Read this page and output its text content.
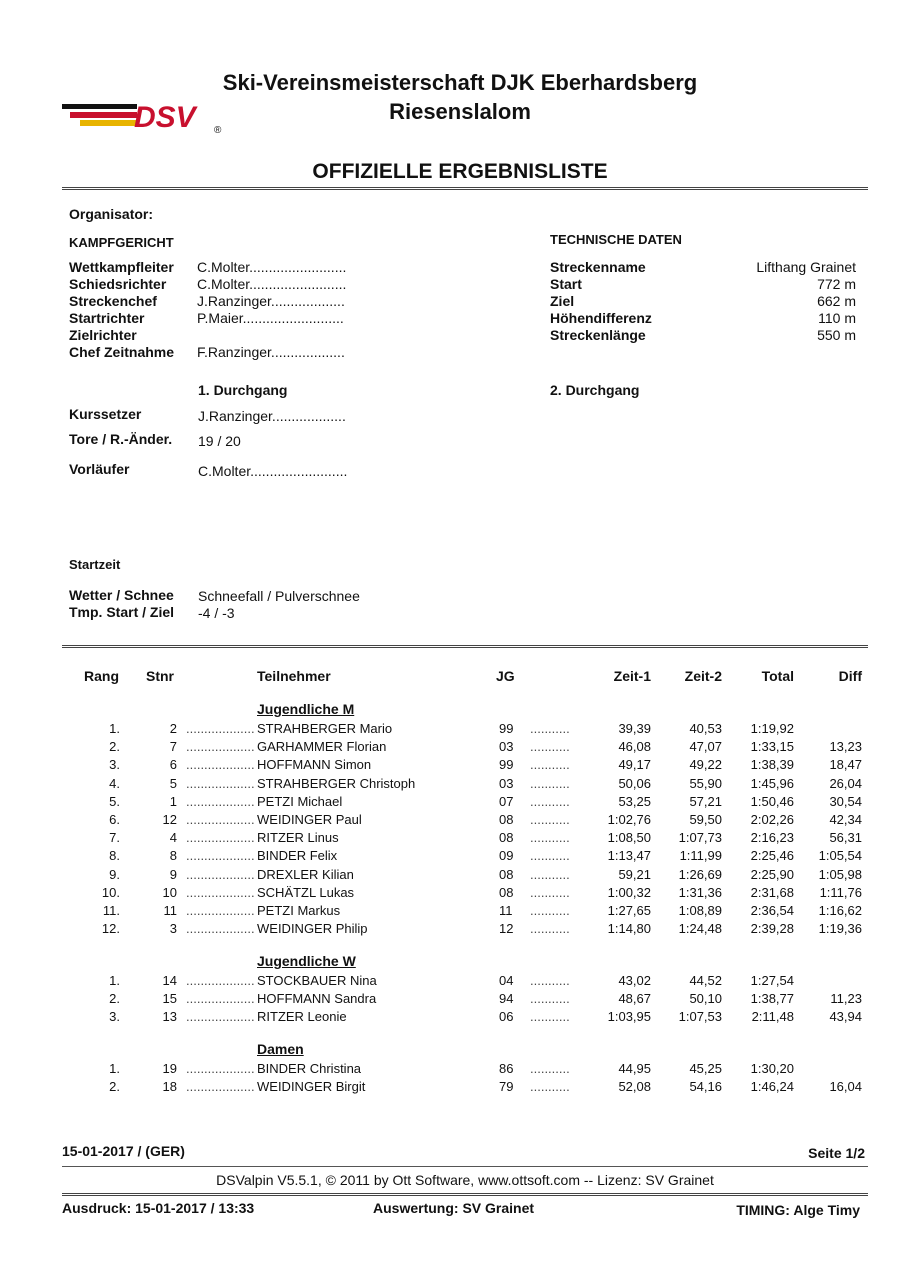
Ski-Vereinsmeisterschaft DJK Eberhardsberg
Riesenslalom
DSV ®
OFFIZIELLE ERGEBNISLISTE
Organisator:
KAMPFGERICHT
Wettkampfleiter C.Molter.........................
Schiedsrichter C.Molter.........................
Streckenchef	J.Ranzinger...................
Startrichter	P.Maier..........................
Zielrichter
Chef Zeitnahme F.Ranzinger...................
TECHNISCHE DATEN
Streckenname	Lifthang Grainet
Start	772 m
Ziel	662 m
Höhendifferenz	110 m
Streckenlänge	550 m
1. Durchgang	2. Durchgang
Kurssetzer	J.Ranzinger...................
Tore / R.-Änder. 19 / 20
Vorläufer	C.Molter.........................
Startzeit
Wetter / Schnee Schneefall / Pulverschnee
Tmp. Start / Ziel -4 / -3
Rang Stnr	Teilnehmer	JG	Zeit-1 Zeit-2	Total	Diff
Jugendliche M
1.	2 ................... STRAHBERGER Mario	99 ...........	39,39	40,53 1:19,92
2.	7 ................... GARHAMMER Florian	03 ...........	46,08	47,07 1:33,15	13,23
3.	6 ................... HOFFMANN Simon	99 ...........	49,17	49,22 1:38,39	18,47
4.	5 ................... STRAHBERGER Christoph	03 ...........	50,06	55,90 1:45,96	26,04
5.	1 ................... PETZI Michael	07 ...........	53,25	57,21 1:50,46	30,54
6.	12 ................... WEIDINGER Paul	08 ...........	1:02,76	59,50 2:02,26	42,34
7.	4 ................... RITZER Linus	08 ...........	1:08,50 1:07,73 2:16,23	56,31
8.	8 ................... BINDER Felix	09 ...........	1:13,47 1:11,99 2:25,46 1:05,54
9.	9 ................... DREXLER Kilian	08 ...........	59,21 1:26,69 2:25,90 1:05,98
10.	10 ................... SCHÄTZL Lukas	08 ...........	1:00,32 1:31,36 2:31,68 1:11,76
11.	11 ................... PETZI Markus	11 ...........	1:27,65 1:08,89 2:36,54 1:16,62
12.	3 ................... WEIDINGER Philip	12 ...........	1:14,80 1:24,48 2:39,28 1:19,36
Jugendliche W
1.	14 ................... STOCKBAUER Nina	04 ...........	43,02	44,52 1:27,54
2.	15 ................... HOFFMANN Sandra	94 ...........	48,67	50,10 1:38,77	11,23
3.	13 ................... RITZER Leonie	06 ...........	1:03,95 1:07,53 2:11,48	43,94
Damen
1.	19 ................... BINDER Christina	86 ...........	44,95	45,25 1:30,20
2.	18 ................... WEIDINGER Birgit	79 ...........	52,08	54,16 1:46,24	16,04
15-01-2017 / (GER)	Seite 1/2
DSValpin V5.5.1, © 2011 by Ott Software, www.ottsoft.com -- Lizenz: SV Grainet
Ausdruck: 15-01-2017 / 13:33	Auswertung: SV Grainet	TIMING: Alge Timy
